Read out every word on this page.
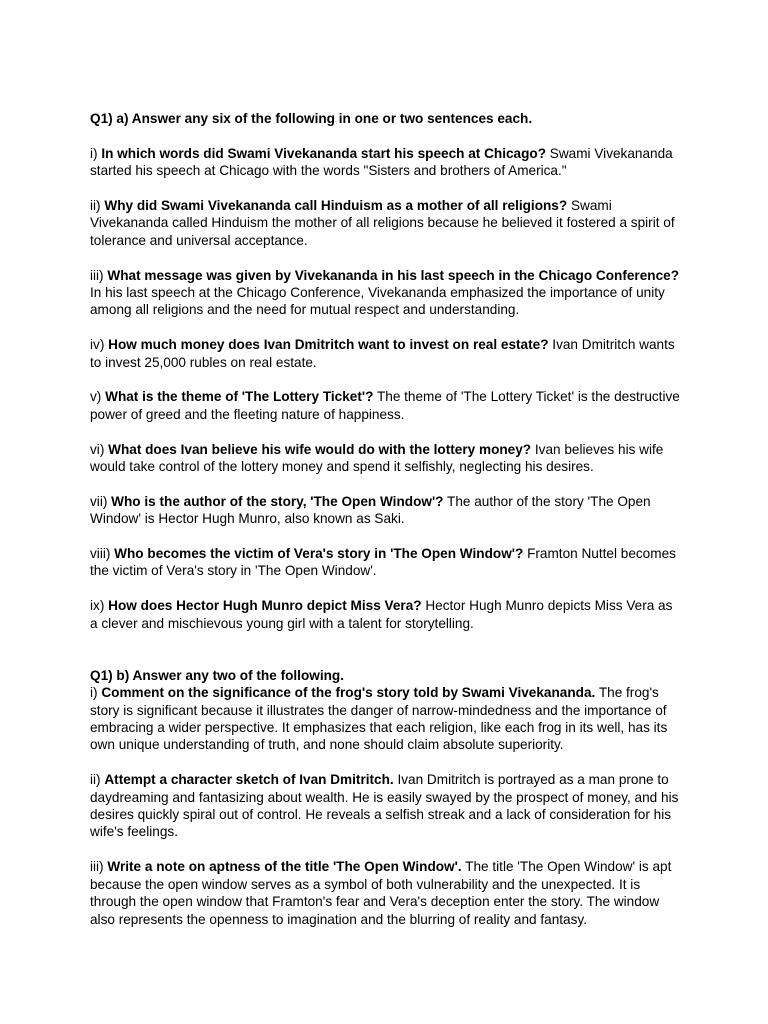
Q1) a) Answer any six of the following in one or two sentences each.

i) In which words did Swami Vivekananda start his speech at Chicago? Swami Vivekananda started his speech at Chicago with the words "Sisters and brothers of America."

ii) Why did Swami Vivekananda call Hinduism as a mother of all religions? Swami Vivekananda called Hinduism the mother of all religions because he believed it fostered a spirit of tolerance and universal acceptance.

iii) What message was given by Vivekananda in his last speech in the Chicago Conference? In his last speech at the Chicago Conference, Vivekananda emphasized the importance of unity among all religions and the need for mutual respect and understanding.

iv) How much money does Ivan Dmitritch want to invest on real estate? Ivan Dmitritch wants to invest 25,000 rubles on real estate.

v) What is the theme of 'The Lottery Ticket'? The theme of 'The Lottery Ticket' is the destructive power of greed and the fleeting nature of happiness.

vi) What does Ivan believe his wife would do with the lottery money? Ivan believes his wife would take control of the lottery money and spend it selfishly, neglecting his desires.

vii) Who is the author of the story, 'The Open Window'? The author of the story 'The Open Window' is Hector Hugh Munro, also known as Saki.

viii) Who becomes the victim of Vera's story in 'The Open Window'? Framton Nuttel becomes the victim of Vera's story in 'The Open Window'.

ix) How does Hector Hugh Munro depict Miss Vera? Hector Hugh Munro depicts Miss Vera as a clever and mischievous young girl with a talent for storytelling.

Q1) b) Answer any two of the following.

i) Comment on the significance of the frog's story told by Swami Vivekananda. The frog's story is significant because it illustrates the danger of narrow-mindedness and the importance of embracing a wider perspective. It emphasizes that each religion, like each frog in its well, has its own unique understanding of truth, and none should claim absolute superiority.

ii) Attempt a character sketch of Ivan Dmitritch. Ivan Dmitritch is portrayed as a man prone to daydreaming and fantasizing about wealth. He is easily swayed by the prospect of money, and his desires quickly spiral out of control. He reveals a selfish streak and a lack of consideration for his wife's feelings.

iii) Write a note on aptness of the title 'The Open Window'. The title 'The Open Window' is apt because the open window serves as a symbol of both vulnerability and the unexpected. It is through the open window that Framton's fear and Vera's deception enter the story. The window also represents the openness to imagination and the blurring of reality and fantasy.
